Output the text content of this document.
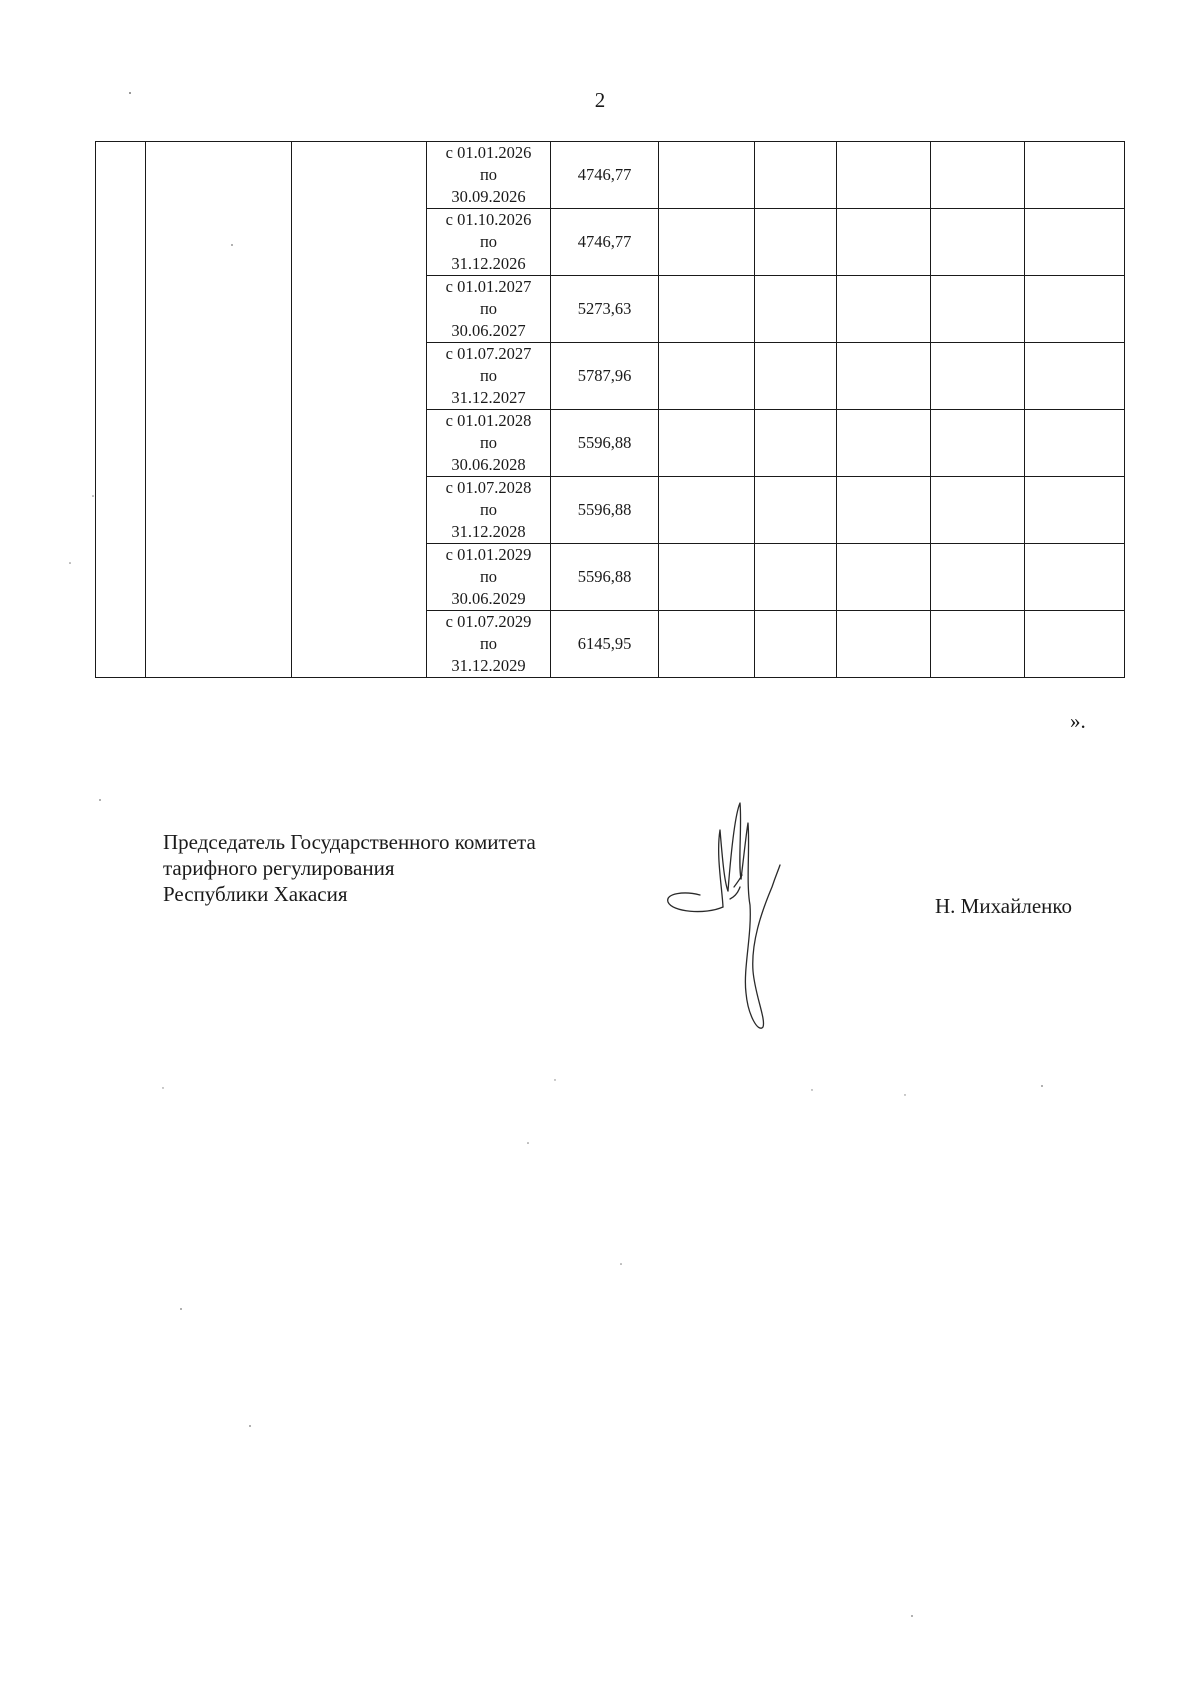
2

			с 01.01.2026
по
30.09.2026	4746,77					

			с 01.10.2026
по
31.12.2026	4746,77					

			с 01.01.2027
по
30.06.2027	5273,63					

			с 01.07.2027
по
31.12.2027	5787,96					

			с 01.01.2028
по
30.06.2028	5596,88					

			с 01.07.2028
по
31.12.2028	5596,88					

			с 01.01.2029
по
30.06.2029	5596,88					

			с 01.07.2029
по
31.12.2029	6145,95					
».
Председатель Государственного комитета
тарифного регулирования
Республики Хакасия	Н. Михайленко
